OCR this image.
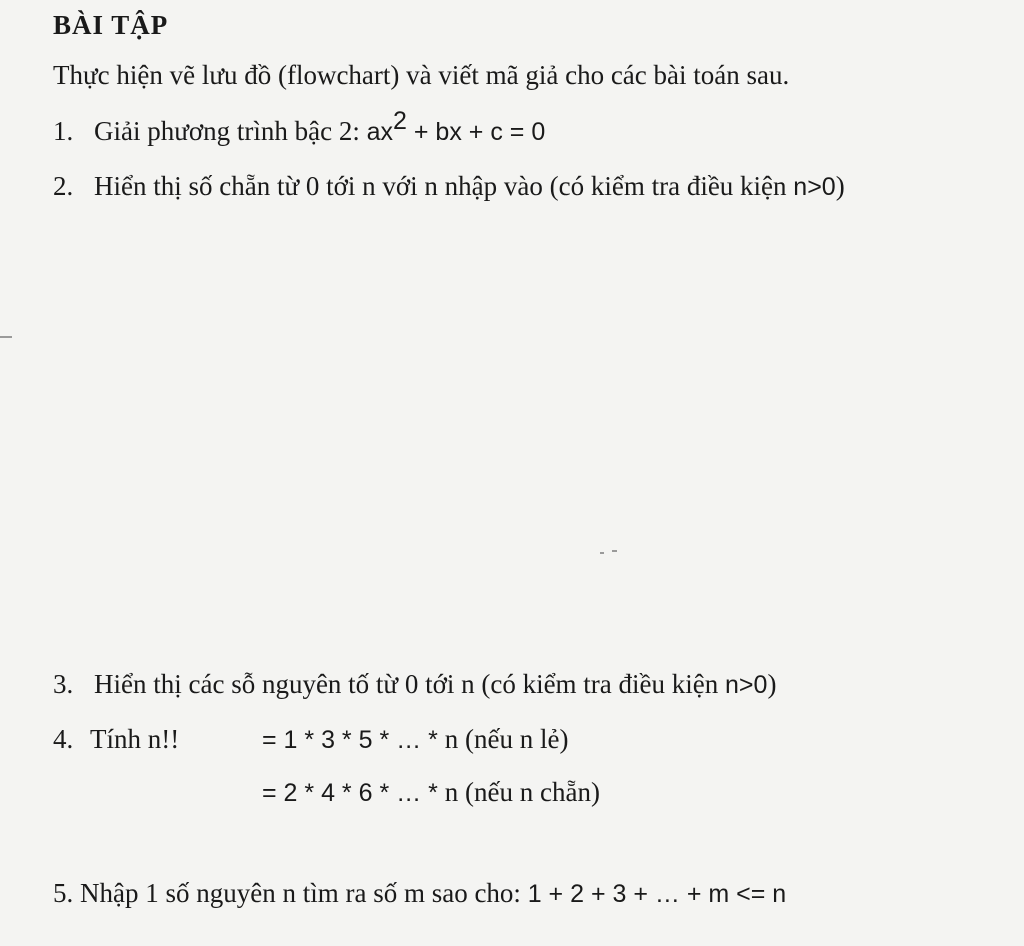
BÀI TẬP
Thực hiện vẽ lưu đồ (flowchart) và viết mã giả cho các bài toán sau.
1. Giải phương trình bậc 2: $ax^2$ + bx + c = 0
2. Hiển thị số chẵn từ 0 tới n với n nhập vào (có kiểm tra điều kiện n>0)
3. Hiển thị các sỗ nguyên tố từ 0 tới n (có kiểm tra điều kiện n>0)
4. Tính n!!	= 1 * 3 * 5 * … * n (nếu n lẻ)
= 2 * 4 * 6 * … * n (nếu n chẵn)
5. Nhập 1 số nguyên n tìm ra số m sao cho: 1 + 2 + 3 + … + m <= n
